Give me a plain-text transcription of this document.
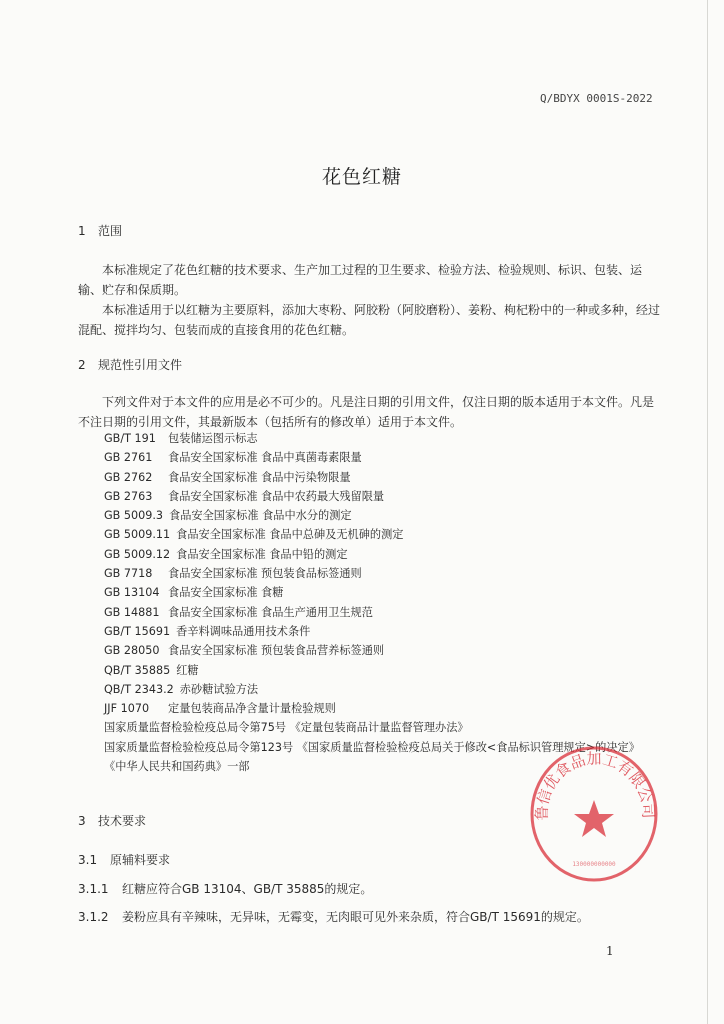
Q/BDYX 0001S-2022
花色红糖
1 范围

本标准规定了花色红糖的技术要求、生产加工过程的卫生要求、检验方法、检验规则、标识、包装、运输、贮存和保质期。

本标准适用于以红糖为主要原料，添加大枣粉、阿胶粉（阿胶磨粉）、姜粉、枸杞粉中的一种或多种，经过混配、搅拌均匀、包装而成的直接食用的花色红糖。

2 规范性引用文件

下列文件对于本文件的应用是必不可少的。凡是注日期的引用文件，仅注日期的版本适用于本文件。凡是不注日期的引用文件，其最新版本（包括所有的修改单）适用于本文件。

GB/T 191 包装储运图示标志
GB 2761 食品安全国家标准 食品中真菌毒素限量
GB 2762 食品安全国家标准 食品中污染物限量
GB 2763 食品安全国家标准 食品中农药最大残留限量
GB 5009.3 食品安全国家标准 食品中水分的测定
GB 5009.11 食品安全国家标准 食品中总砷及无机砷的测定
GB 5009.12 食品安全国家标准 食品中铅的测定
GB 7718 食品安全国家标准 预包装食品标签通则
GB 13104 食品安全国家标准 食糖
GB 14881 食品安全国家标准 食品生产通用卫生规范
GB/T 15691 香辛料调味品通用技术条件
GB 28050 食品安全国家标准 预包装食品营养标签通则
QB/T 35885 红糖
QB/T 2343.2 赤砂糖试验方法
JJF 1070 定量包装商品净含量计量检验规则
国家质量监督检验检疫总局令第75号 《定量包装商品计量监督管理办法》
国家质量监督检验检疫总局令第123号 《国家质量监督检验检疫总局关于修改<食品标识管理规定>的决定》
《中华人民共和国药典》一部
3 技术要求
3.1 原辅料要求
3.1.1 红糖应符合GB 13104、GB/T 35885的规定。
3.1.2 姜粉应具有辛辣味，无异味，无霉变，无肉眼可见外来杂质，符合GB/T 15691的规定。
1
鲁信优食品加工有限公司
130000000000
